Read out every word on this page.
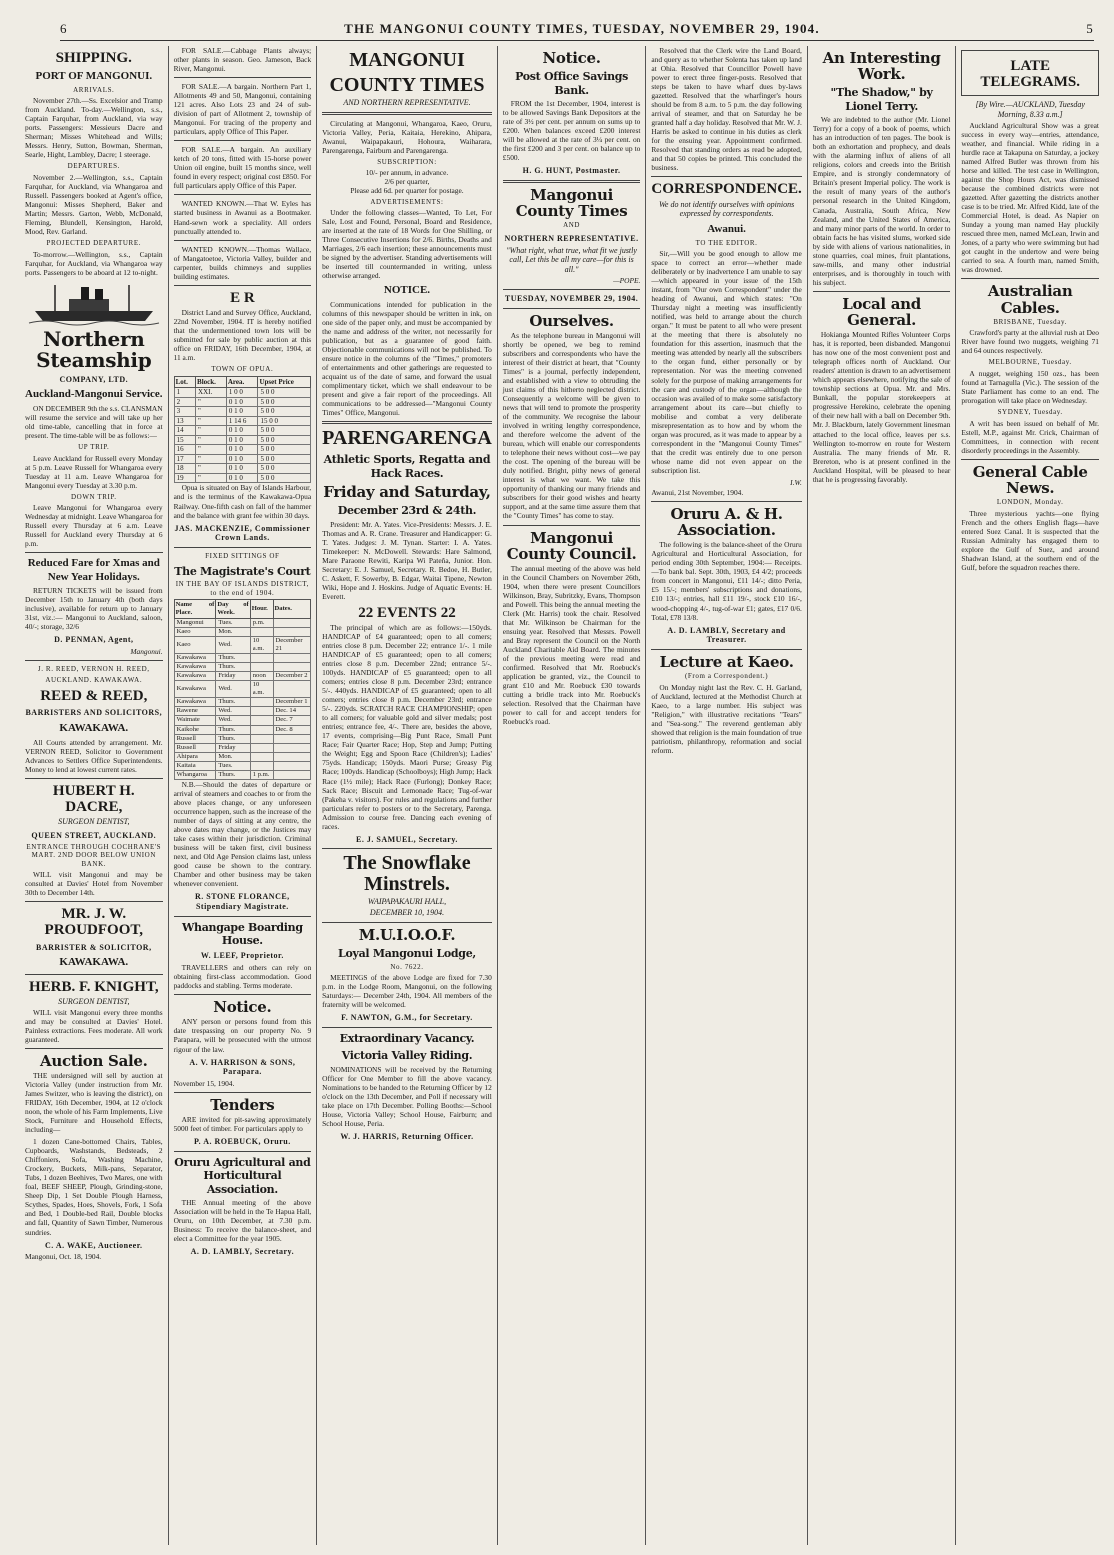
6	THE MANGONUI COUNTY TIMES, TUESDAY, NOVEMBER 29, 1904.	5
SHIPPING.
PORT OF MANGONUI.
ARRIVALS.

November 27th.—Ss. Excelsior and Tramp from Auckland. To-day.—Wellington, s.s., Captain Farquhar, from Auckland, via way ports. Passengers: Messieurs Dacre and Sherman; Misses Whitehead and Wills; Messrs. Henry, Sutton, Bowman, Sherman, Searle, Hight, Lambley, Dacre; 1 steerage.

DEPARTURES.

November 2.—Wellington, s.s., Captain Farquhar, for Auckland, via Whangaroa and Russell. Passengers booked at Agent's office, Mangonui: Misses Shepherd, Baker and Martin; Messrs. Garton, Webb, McDonald, Fleming, Blundell, Kensington, Harold, Mood, Rev. Garland.

PROJECTED DEPARTURE.

To-morrow.—Wellington, s.s., Captain Farquhar, for Auckland, via Whangaroa way ports. Passengers to be aboard at 12 to-night.

Northern Steamship
COMPANY, LTD.
Auckland-Mangonui Service.

ON DECEMBER 9th the s.s. CLANSMAN will resume the service and will take up her old time-table, cancelling that in force at present. The time-table will be as follows:—

UP TRIP.

Leave Auckland for Russell every Monday at 5 p.m. Leave Russell for Whangaroa every Tuesday at 11 a.m. Leave Whangaroa for Mangonui every Tuesday at 3.30 p.m.

DOWN TRIP.

Leave Mangonui for Whangaroa every Wednesday at midnight. Leave Whangaroa for Russell every Thursday at 6 a.m. Leave Russell for Auckland every Thursday at 6 p.m.

Reduced Fare for Xmas and New Year Holidays.

RETURN TICKETS will be issued from December 15th to January 4th (both days inclusive), available for return up to January 31st, viz.:— Mangonui to Auckland, saloon, 40/-; storage, 32/6

D. PENMAN, Agent,
Mangonui.
J. R. REED, VERNON H. REED,
AUCKLAND. KAWAKAWA.
REED & REED,
BARRISTERS AND SOLICITORS,
KAWAKAWA.

All Courts attended by arrangement. Mr. VERNON REED, Solicitor to Government Advances to Settlers Office Superintendents. Money to lend at lowest current rates.

HUBERT H. DACRE,
SURGEON DENTIST,
QUEEN STREET, AUCKLAND.
ENTRANCE THROUGH COCHRANE'S MART. 2ND DOOR BELOW UNION BANK.

WILL visit Mangonui and may be consulted at Davies' Hotel from November 30th to December 14th.

MR. J. W. PROUDFOOT,
BARRISTER & SOLICITOR,
KAWAKAWA.
HERB. F. KNIGHT,
SURGEON DENTIST,

WILL visit Mangonui every three months and may be consulted at Davies' Hotel. Painless extractions. Fees moderate. All work guaranteed.

Auction Sale.

THE undersigned will sell by auction at Victoria Valley (under instruction from Mr. James Switzer, who is leaving the district), on FRIDAY, 16th December, 1904, at 12 o'clock noon, the whole of his Farm Implements, Live Stock, Furniture and Household Effects, including—

1 dozen Cane-bottomed Chairs, Tables, Cupboards, Washstands, Bedsteads, 2 Chiffoniers, Sofa, Washing Machine, Crockery, Buckets, Milk-pans, Separator, Tubs, 1 dozen Beehives, Two Mares, one with foal, BEEF SHEEP, Plough, Grinding-stone, Sheep Dip, 1 Set Double Plough Harness, Scythes, Spades, Hoes, Shovels, Fork, 1 Sofa and Bed, 1 Double-bed Rail, Double blocks and fall, Quantity of Sawn Timber, Numerous sundries.

C. A. WAKE, Auctioneer.
Mangonui, Oct. 18, 1904.

FOR SALE.—Cabbage Plants always; other plants in season. Geo. Jameson, Back River, Mangonui.

FOR SALE.—A bargain. Northern Part 1, Allotments 49 and 50, Mangonui, containing 121 acres. Also Lots 23 and 24 of sub-division of part of Allotment 2, township of Mangonui. For tracing of the property and particulars, apply Office of This Paper.

FOR SALE.—A bargain. An auxiliary ketch of 20 tons, fitted with 15-horse power Union oil engine, built 15 months since, well found in every respect; original cost £850. For full particulars apply Office of this Paper.

WANTED KNOWN.—That W. Eyles has started business in Awanui as a Bootmaker. Hand-sewn work a speciality. All orders punctually attended to.

WANTED KNOWN.—Thomas Wallace, of Mangatoetoe, Victoria Valley, builder and carpenter, builds chimneys and supplies building estimates.

E R

District Land and Survey Office, Auckland, 22nd November, 1904. IT is hereby notified that the undermentioned town lots will be submitted for sale by public auction at this office on FRIDAY, 16th December, 1904, at 11 a.m.

TOWN OF OPUA.
Lot.	Block.	Area.	Upset Price
1	XXI.	1 0 0	5 0 0
2	"	0 1 0	5 0 0
3	"	0 1 0	5 0 0
13	"	1 14 6	15 0 0
14	"	0 1 0	5 0 0
15	"	0 1 0	5 0 0
16	"	0 1 0	5 0 0
17	"	0 1 0	5 0 0
18	"	0 1 0	5 0 0
19	"	0 1 0	5 0 0

Opua is situated on Bay of Islands Harbour, and is the terminus of the Kawakawa-Opua Railway. One-fifth cash on fall of the hammer and the balance with grant fee within 30 days.

JAS. MACKENZIE, Commissioner Crown Lands.
FIXED SITTINGS OF
The Magistrate's Court
IN THE BAY OF ISLANDS DISTRICT, to the end of 1904.
Name of Place.	Day of Week.	Hour.	Dates.
Mangonui	Tues.	p.m.	
Kaeo	Mon.		
Kaeo	Wed.	10 a.m.	December 21
Kawakawa	Thurs.		
Kawakawa	Thurs.		
Kawakawa	Friday	noon	December 2
Kawakawa	Wed.	10 a.m.	
Kawakawa	Thurs.		December 1
Rawene	Wed.		Dec. 14
Waimate	Wed.		Dec. 7
Kaikohe	Thurs.		Dec. 8
Russell	Thurs.		
Russell	Friday		
Ahipara	Mon.		
Kaitaia	Tues.		
Whangaroa	Thurs.	1 p.m.	

N.B.—Should the dates of departure or arrival of steamers and coaches to or from the above places change, or any unforeseen occurrence happen, such as the increase of the number of days of sitting at any centre, the above dates may change, or the Justices may take cases within their jurisdiction. Criminal business will be taken first, civil business next, and Old Age Pension claims last, unless good cause be shown to the contrary. Chamber and other business may be taken whenever convenient.

R. STONE FLORANCE, Stipendiary Magistrate.
Whangape Boarding House.
W. LEEF, Proprietor.

TRAVELLERS and others can rely on obtaining first-class accommodation. Good paddocks and stabling. Terms moderate.

Notice.

ANY person or persons found from this date trespassing on our property No. 9 Parapara, will be prosecuted with the utmost rigour of the law.

A. V. HARRISON & SONS, Parapara.
November 15, 1904.
Tenders

ARE invited for pit-sawing approximately 5000 feet of timber. For particulars apply to

P. A. ROEBUCK, Oruru.
Oruru Agricultural and Horticultural Association.

THE Annual meeting of the above Association will be held in the Te Hapua Hall, Oruru, on 10th December, at 7.30 p.m. Business: To receive the balance-sheet, and elect a Committee for the year 1905.

A. D. LAMBLY, Secretary.
MANGONUI
COUNTY TIMES
AND NORTHERN REPRESENTATIVE.

Circulating at Mangonui, Whangaroa, Kaeo, Oruru, Victoria Valley, Peria, Kaitaia, Herekino, Ahipara, Awanui, Waipapakauri, Hohoura, Waiharara, Parengarenga, Fairburn and Parengarenga.

SUBSCRIPTION:
10/- per annum, in advance.
2/6 per quarter,
Please add 6d. per quarter for postage.
ADVERTISEMENTS:

Under the following classes—Wanted, To Let, For Sale, Lost and Found, Personal, Board and Residence, are inserted at the rate of 18 Words for One Shilling, or Three Consecutive Insertions for 2/6. Births, Deaths and Marriages, 2/6 each insertion; these announcements must be signed by the advertiser. Standing advertisements will be inserted till countermanded in writing, unless otherwise arranged.

NOTICE.

Communications intended for publication in the columns of this newspaper should be written in ink, on one side of the paper only, and must be accompanied by the name and address of the writer, not necessarily for publication, but as a guarantee of good faith. Objectionable communications will not be published. To ensure notice in the columns of the "Times," promoters of entertainments and other gatherings are requested to acquaint us of the date of same, and forward the usual complimentary ticket, which we shall endeavour to be present and give a fair report of the proceedings. All communications to be addressed—"Mangonui County Times" Office, Mangonui.

PARENGARENGA
Athletic Sports, Regatta and Hack Races.
Friday and Saturday,
December 23rd & 24th.

President: Mr. A. Yates. Vice-Presidents: Messrs. J. E. Thomas and A. R. Crane. Treasurer and Handicapper: G. T. Yates. Judges: J. M. Tynan. Starter: I. A. Yates. Timekeeper: N. McDowell. Stewards: Hare Salmond, Mare Paraone Rewiti, Karipa Wi Pateña, Junior. Hon. Secretary: E. J. Samuel, Secretary. R. Bedoe, H. Butler, C. Askett, F. Sowerby, B. Edgar, Waitai Tipene, Newton Wiki, Hope and J. Hoskins. Judge of Aquatic Events: H. Everett.

22 EVENTS 22

The principal of which are as follows:—150yds. HANDICAP of £4 guaranteed; open to all comers; entries close 8 p.m. December 22; entrance 1/-. 1 mile HANDICAP of £5 guaranteed; open to all comers; entries close 8 p.m. December 22nd; entrance 5/-. 100yds. HANDICAP of £5 guaranteed; open to all comers; entries close 8 p.m. December 23rd; entrance 5/-. 440yds. HANDICAP of £5 guaranteed; open to all comers; entries close 8 p.m. December 23rd; entrance 5/-. 220yds. SCRATCH RACE CHAMPIONSHIP; open to all comers; for valuable gold and silver medals; post entries; entrance fee, 4/-. There are, besides the above, 17 events, comprising—Big Punt Race, Small Punt Race; Fair Quarter Race; Hop, Step and Jump; Putting the Weight; Egg and Spoon Race (Children's); Ladies' 75yds. Handicap; 150yds. Maori Purse; Greasy Pig Race; 100yds. Handicap (Schoolboys); High Jump; Hack Race (1½ mile); Hack Race (Furlong); Donkey Race; Sack Race; Biscuit and Lemonade Race; Tug-of-war (Pakeha v. visitors). For rules and regulations and further particulars refer to posters or to the Secretary, Parenga. Admission to course free. Dancing each evening of races.

E. J. SAMUEL, Secretary.
The Snowflake Minstrels.
WAIPAPAKAURI HALL,
DECEMBER 10, 1904.
M.U.I.O.O.F.
Loyal Mangonui Lodge,
No. 7622.

MEETINGS of the above Lodge are fixed for 7.30 p.m. in the Lodge Room, Mangonui, on the following Saturdays:— December 24th, 1904. All members of the fraternity will be welcomed.

F. NAWTON, G.M., for Secretary.
Extraordinary Vacancy.
Victoria Valley Riding.

NOMINATIONS will be received by the Returning Officer for One Member to fill the above vacancy. Nominations to be handed to the Returning Officer by 12 o'clock on the 13th December, and Poll if necessary will take place on 17th December. Polling Booths:—School House, Victoria Valley; School House, Fairburn; and School House, Peria.

W. J. HARRIS, Returning Officer.
Notice.
Post Office Savings Bank.

FROM the 1st December, 1904, interest is to be allowed Savings Bank Depositors at the rate of 3½ per cent. per annum on sums up to £200. When balances exceed £200 interest will be allowed at the rate of 3¼ per cent. on the first £200 and 3 per cent. on balance up to £500.

H. G. HUNT, Postmaster.
Mangonui County Times
AND
NORTHERN REPRESENTATIVE.
"What right, what true, what fit we justly call, Let this be all my care—for this is all."
—POPE.
TUESDAY, NOVEMBER 29, 1904.
Ourselves.

As the telephone bureau in Mangonui will shortly be opened, we beg to remind subscribers and correspondents who have the interest of their district at heart, that "County Times" is a journal, perfectly independent, and established with a view to obtruding the just claims of this hitherto neglected district. Consequently a welcome will be given to news that will tend to promote the prosperity of the community. We recognise the labour involved in writing lengthy correspondence, and therefore welcome the advent of the bureau, which will enable our correspondents to telephone their news without cost—we pay the cost. The opening of the bureau will be duly notified. Bright, pithy news of general interest is what we want. We take this opportunity of thanking our many friends and subscribers for their good wishes and hearty support, and at the same time assure them that the "County Times" has come to stay.

Mangonui County Council.

The annual meeting of the above was held in the Council Chambers on November 26th, 1904, when there were present Councillors Wilkinson, Bray, Subritzky, Evans, Thompson and Powell. This being the annual meeting the Clerk (Mr. Harris) took the chair. Resolved that Mr. Wilkinson be Chairman for the ensuing year. Resolved that Messrs. Powell and Bray represent the Council on the North Auckland Charitable Aid Board. The minutes of the previous meeting were read and confirmed. Resolved that Mr. Roebuck's application be granted, viz., the Council to grant £10 and Mr. Roebuck £30 towards cutting a bridle track into Mr. Roebuck's selection. Resolved that the Chairman have power to call for and accept tenders for Roebuck's road.

Resolved that the Clerk wire the Land Board, and query as to whether Solenta has taken up land at Ohia. Resolved that Councillor Powell have power to erect three finger-posts. Resolved that steps be taken to have wharf dues by-laws gazetted. Resolved that the wharfinger's hours should be from 8 a.m. to 5 p.m. the day following arrival of steamer, and that on Saturday he be granted half a day holiday. Resolved that Mr. W. J. Harris be asked to continue in his duties as clerk for the ensuing year. Appointment confirmed. Resolved that standing orders as read be adopted, and that 50 copies be printed. This concluded the business.

CORRESPONDENCE.
We do not identify ourselves with opinions expressed by correspondents.
Awanui.
TO THE EDITOR.

Sir,—Will you be good enough to allow me space to correct an error—whether made deliberately or by inadvertence I am unable to say—which appeared in your issue of the 15th instant, from "Our own Correspondent" under the heading of Awanui, and which states: "On Thursday night a meeting was insufficiently notified, was held to arrange about the church organ." It must be patent to all who were present at the meeting that there is absolutely no foundation for this assertion, inasmuch that the meeting was attended by nearly all the subscribers to the organ fund, either personally or by representation. Nor was the meeting convened solely for the purpose of making arrangements for the care and custody of the organ—although the occasion was availed of to make some satisfactory arrangement about its care—but chiefly to mobilise and combat a very deliberate misrepresentation as to how and by whom the organ was procured, as it was made to appear by a correspondent in the "Mangonui County Times" that the credit was entirely due to one person whose name did not even appear on the subscription list.

I.W.
Awanui, 21st November, 1904.
Oruru A. & H. Association.

The following is the balance-sheet of the Oruru Agricultural and Horticultural Association, for period ending 30th September, 1904:— Receipts.—To bank bal. Sept. 30th, 1903, £4 4/2; proceeds from concert in Mangonui, £11 14/-; ditto Peria, £5 15/-; members' subscriptions and donations, £10 13/-; entries, hall £11 19/-, stock £10 16/-, wood-chopping 4/-, tug-of-war £1; gates, £17 0/6. Total, £78 13/8.

A. D. LAMBLY, Secretary and Treasurer.
Lecture at Kaeo.
(From a Correspondent.)

On Monday night last the Rev. C. H. Garland, of Auckland, lectured at the Methodist Church at Kaeo, to a large number. His subject was "Religion," with illustrative recitations "Tears" and "Sea-song." The reverend gentleman ably showed that religion is the main foundation of true patriotism, philanthropy, reformation and social reform.

An Interesting Work.
"The Shadow," by Lionel Terry.

We are indebted to the author (Mr. Lionel Terry) for a copy of a book of poems, which has an introduction of ten pages. The book is both an exhortation and prophecy, and deals with the alarming influx of aliens of all religions, colors and creeds into the British Empire, and is strongly condemnatory of Britain's present Imperial policy. The work is the result of many years of the author's personal research in the United Kingdom, Canada, Australia, South Africa, New Zealand, and the United States of America, and many minor parts of the world. In order to obtain facts he has visited slums, worked side by side with aliens of various nationalities, in stone quarries, coal mines, fruit plantations, saw-mills, and many other industrial enterprises, and is thoroughly in touch with his subject.

Local and General.

Hokianga Mounted Rifles Volunteer Corps has, it is reported, been disbanded. Mangonui has now one of the most convenient post and telegraph offices north of Auckland. Our readers' attention is drawn to an advertisement which appears elsewhere, notifying the sale of township sections at Opua. Mr. and Mrs. Bunkall, the popular storekeepers at progressive Herekino, celebrate the opening of their new hall with a ball on December 9th. Mr. J. Blackburn, lately Government linesman attached to the local office, leaves per s.s. Wellington to-morrow en route for Western Australia. The many friends of Mr. R. Brereton, who is at present confined in the Auckland Hospital, will be pleased to hear that he is progressing favorably.

LATE TELEGRAMS.
[By Wire.—AUCKLAND, Tuesday Morning, 8.33 a.m.]

Auckland Agricultural Show was a great success in every way—entries, attendance, weather, and financial. While riding in a hurdle race at Takapuna on Saturday, a jockey named Alfred Butler was thrown from his horse and killed. The test case in Wellington, against the Shop Hours Act, was dismissed because the combined districts were not gazetted. After gazetting the districts another case is to be tried. Mr. Alfred Kidd, late of the Commercial Hotel, is dead. As Napier on Sunday a young man named Hay pluckily rescued three men, named McLean, Irwin and Jones, of a party who were swimming but had got caught in the undertow and were being carried to sea. A fourth man, named Smith, was drowned.

Australian Cables.
BRISBANE, Tuesday.

Crawford's party at the alluvial rush at Deo River have found two nuggets, weighing 71 and 64 ounces respectively.

MELBOURNE, Tuesday.

A nugget, weighing 150 ozs., has been found at Tarnagulla (Vic.). The session of the State Parliament has come to an end. The prorogation will take place on Wednesday.

SYDNEY, Tuesday.

A writ has been issued on behalf of Mr. Estell, M.P., against Mr. Crick, Chairman of Committees, in connection with recent disorderly proceedings in the Assembly.

General Cable News.
LONDON, Monday.

Three mysterious yachts—one flying French and the others English flags—have entered Suez Canal. It is suspected that the Russian Admiralty has engaged them to explore the Gulf of Suez, and around Shadwan Island, at the southern end of the Gulf, before the squadron reaches there.
